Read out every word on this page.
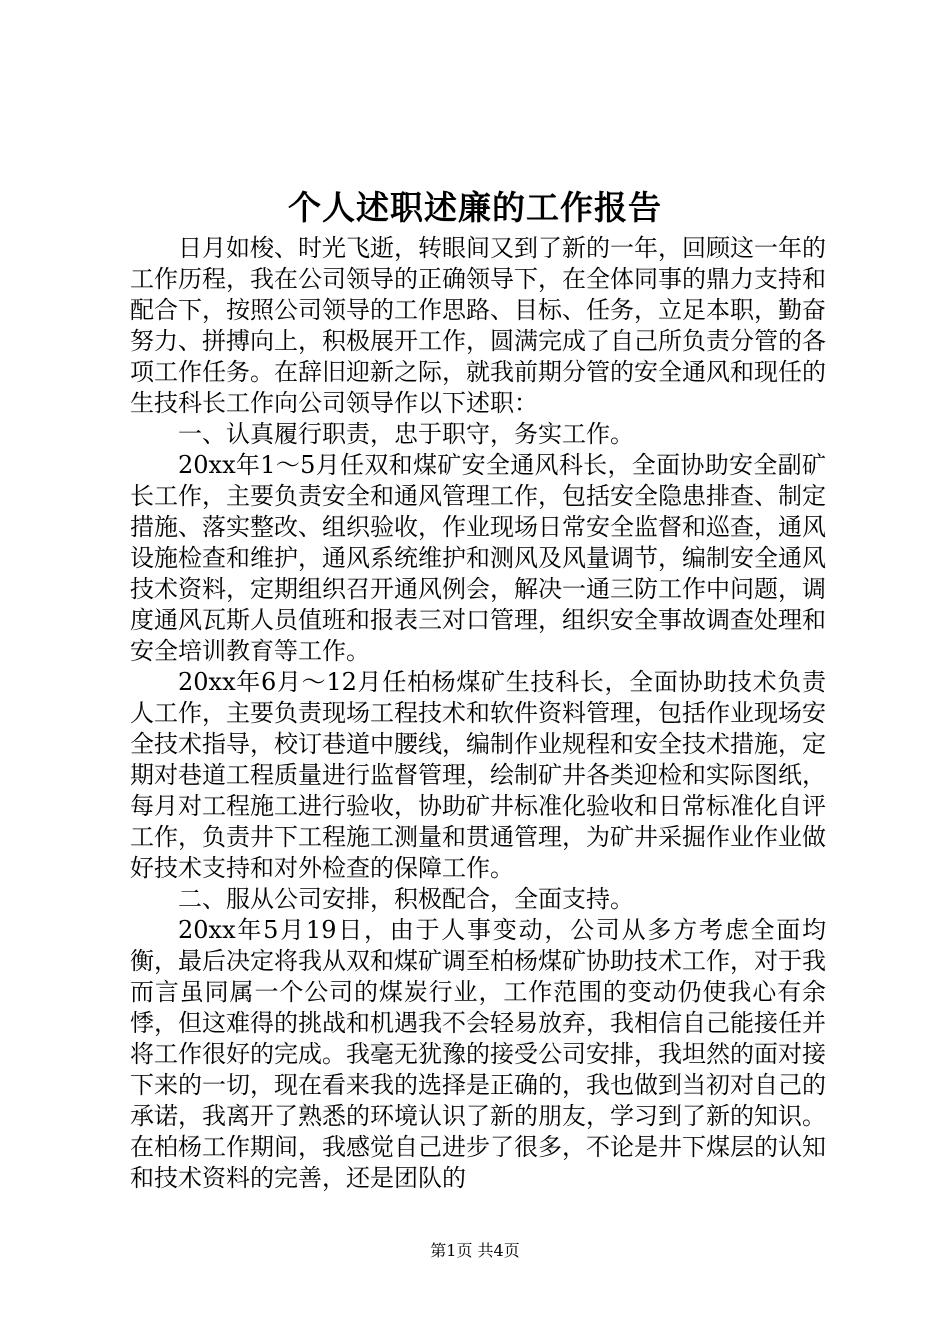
个人述职述廉的工作报告

日月如梭、时光飞逝，转眼间又到了新的一年，回顾这一年的工作历程，我在公司领导的正确领导下，在全体同事的鼎力支持和配合下，按照公司领导的工作思路、目标、任务，立足本职，勤奋努力、拼搏向上，积极展开工作，圆满完成了自己所负责分管的各项工作任务。在辞旧迎新之际，就我前期分管的安全通风和现任的生技科长工作向公司领导作以下述职：

一、认真履行职责，忠于职守，务实工作。

20xx年1～5月任双和煤矿安全通风科长，全面协助安全副矿长工作，主要负责安全和通风管理工作，包括安全隐患排查、制定措施、落实整改、组织验收，作业现场日常安全监督和巡查，通风设施检查和维护，通风系统维护和测风及风量调节，编制安全通风技术资料，定期组织召开通风例会，解决一通三防工作中问题，调度通风瓦斯人员值班和报表三对口管理，组织安全事故调查处理和安全培训教育等工作。

20xx年6月～12月任柏杨煤矿生技科长，全面协助技术负责人工作，主要负责现场工程技术和软件资料管理，包括作业现场安全技术指导，校订巷道中腰线，编制作业规程和安全技术措施，定期对巷道工程质量进行监督管理，绘制矿井各类迎检和实际图纸，每月对工程施工进行验收，协助矿井标准化验收和日常标准化自评工作，负责井下工程施工测量和贯通管理，为矿井采掘作业作业做好技术支持和对外检查的保障工作。

二、服从公司安排，积极配合，全面支持。

20xx年5月19日，由于人事变动，公司从多方考虑全面均衡，最后决定将我从双和煤矿调至柏杨煤矿协助技术工作，对于我而言虽同属一个公司的煤炭行业，工作范围的变动仍使我心有余悸，但这难得的挑战和机遇我不会轻易放弃，我相信自己能接任并将工作很好的完成。我毫无犹豫的接受公司安排，我坦然的面对接下来的一切，现在看来我的选择是正确的，我也做到当初对自己的承诺，我离开了熟悉的环境认识了新的朋友，学习到了新的知识。在柏杨工作期间，我感觉自己进步了很多，不论是井下煤层的认知和技术资料的完善，还是团队的

第1页 共4页
